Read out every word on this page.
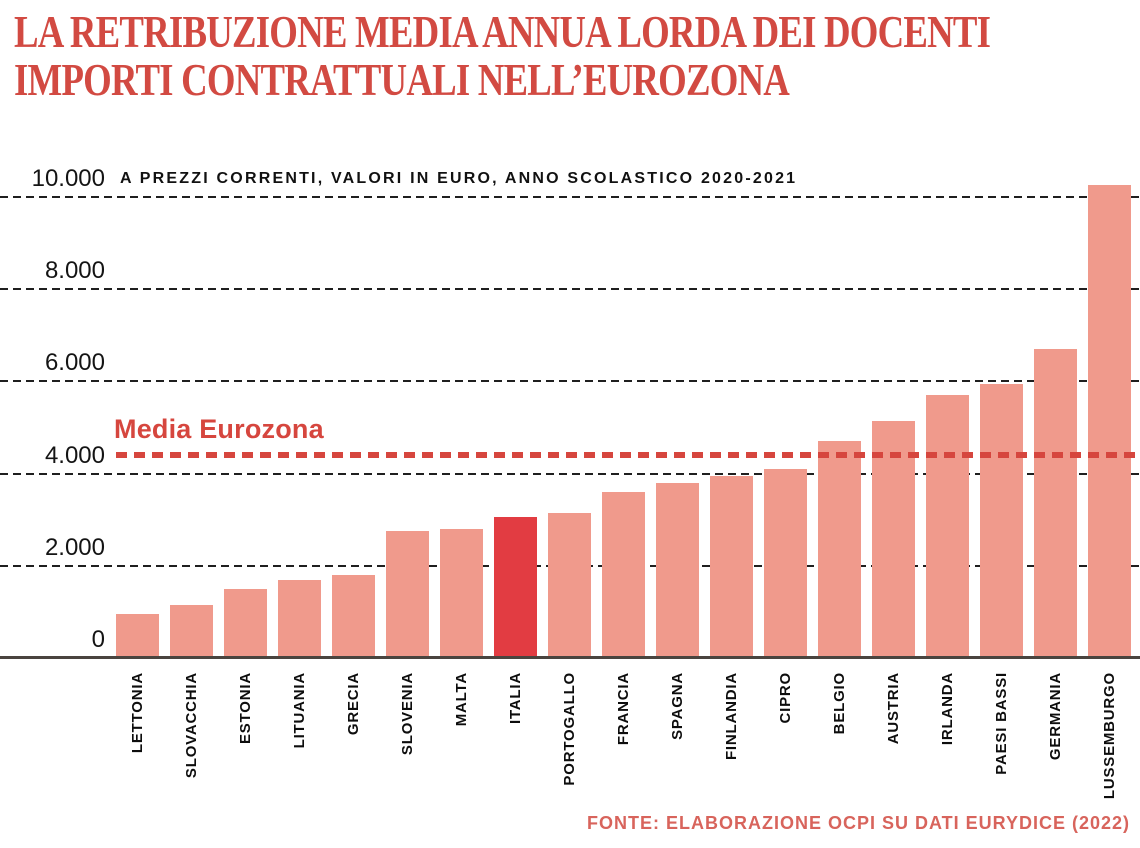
LA RETRIBUZIONE MEDIA ANNUA LORDA DEI DOCENTI
IMPORTI CONTRATTUALI NELL’EUROZONA
A PREZZI CORRENTI, VALORI IN EURO, ANNO SCOLASTICO 2020-2021
10.000
8.000
6.000
4.000
2.000
0
Media Eurozona
LETTONIA SLOVACCHIA ESTONIA LITUANIA GRECIA SLOVENIA MALTA ITALIA PORTOGALLO FRANCIA SPAGNA FINLANDIA CIPRO BELGIO AUSTRIA IRLANDA PAESI BASSI GERMANIA LUSSEMBURGO
FONTE: ELABORAZIONE OCPI SU DATI EURYDICE (2022)
